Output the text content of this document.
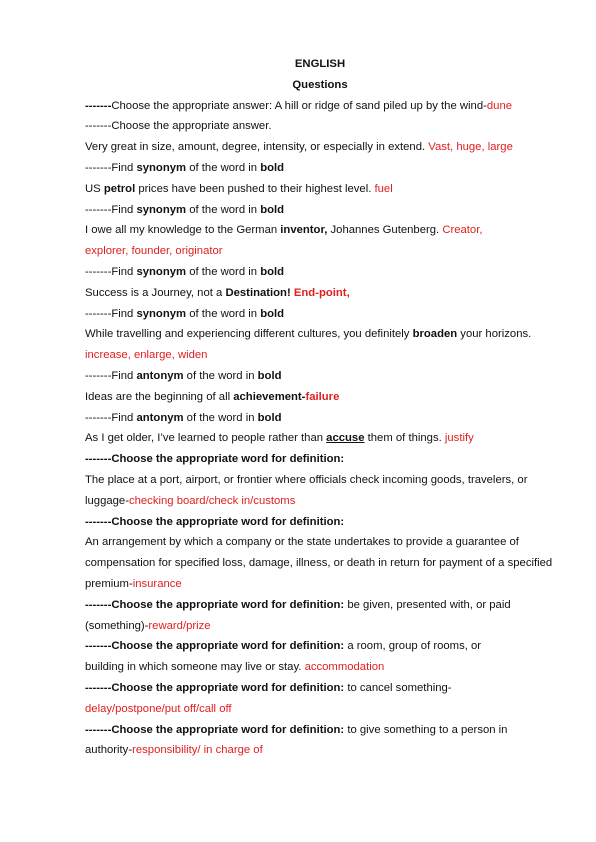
ENGLISH
Questions
-------Choose the appropriate answer: A hill or ridge of sand piled up by the wind-dune
-------Choose the appropriate answer.
Very great in size, amount, degree, intensity, or especially in extend. Vast, huge, large
-------Find synonym of the word in bold
US petrol prices have been pushed to their highest level. fuel
-------Find synonym of the word in bold
I owe all my knowledge to the German inventor, Johannes Gutenberg. Creator, explorer, founder, originator
-------Find synonym of the word in bold
Success is a Journey, not a Destination! End-point,
-------Find synonym of the word in bold
While travelling and experiencing different cultures, you definitely broaden your horizons. increase, enlarge, widen
-------Find antonym of the word in bold
Ideas are the beginning of all achievement-failure
-------Find antonym of the word in bold
As I get older, I’ve learned to people rather than accuse them of things. justify
-------Choose the appropriate word for definition:
The place at a port, airport, or frontier where officials check incoming goods, travelers, or luggage-checking board/check in/customs
-------Choose the appropriate word for definition:
An arrangement by which a company or the state undertakes to provide a guarantee of compensation for specified loss, damage, illness, or death in return for payment of a specified premium-insurance
-------Choose the appropriate word for definition: be given, presented with, or paid (something)-reward/prize
-------Choose the appropriate word for definition: a room, group of rooms, or building in which someone may live or stay. accommodation
-------Choose the appropriate word for definition: to cancel something-delay/postpone/put off/call off
-------Choose the appropriate word for definition: to give something to a person in authority-responsibility/ in charge of
